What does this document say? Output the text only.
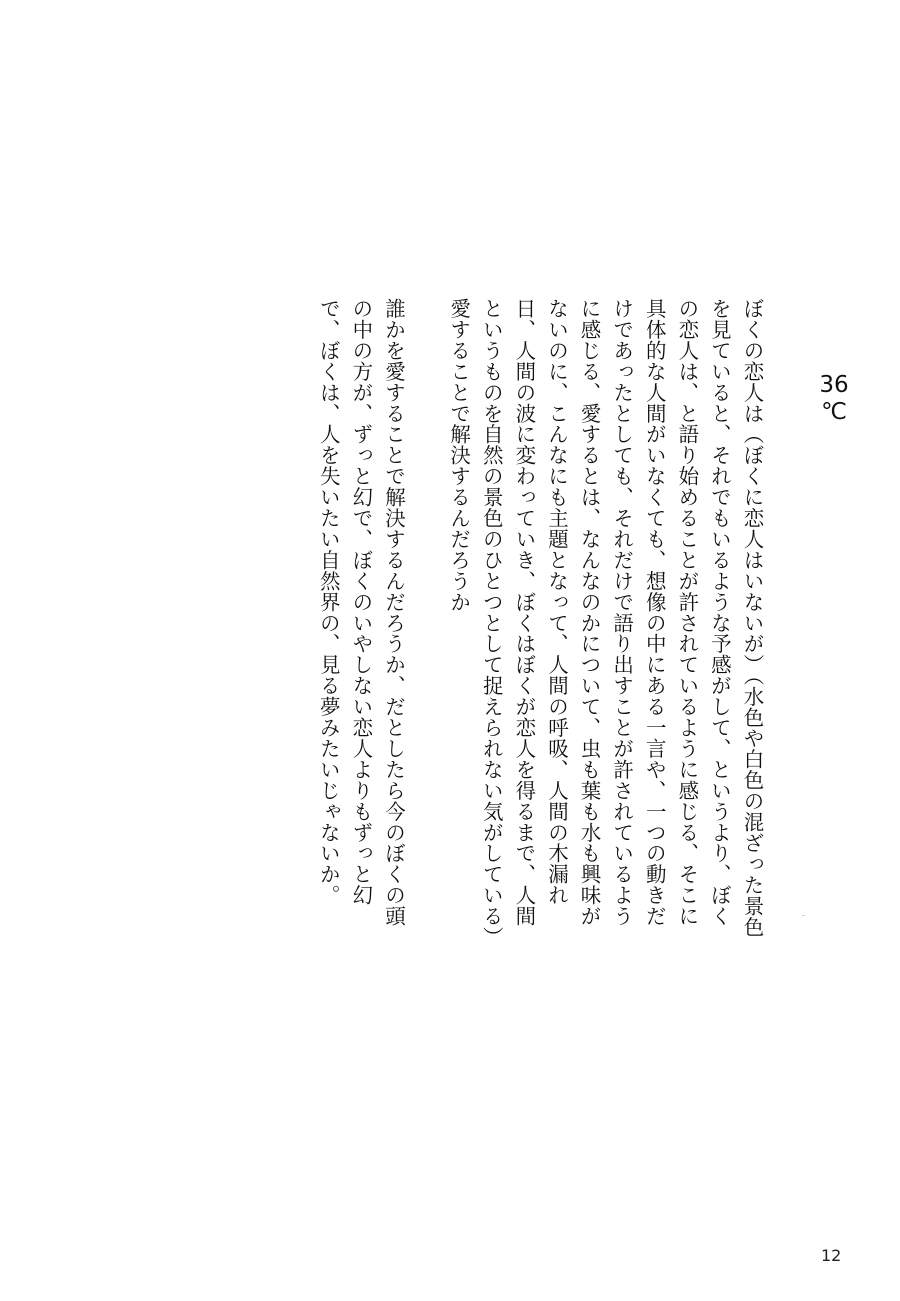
36
℃

ぼくの恋人は（ぼくに恋人はいないが）（水色や白色の混ざった景色を見ていると、それでもいるような予感がして、というより、ぼくの恋人は、と語り始めることが許されているように感じる、そこに具体的な人間がいなくても、想像の中にある一言や、一つの動きだけであったとしても、それだけで語り出すことが許されているように感じる、愛するとは、なんなのかについて、虫も葉も水も興味がないのに、こんなにも主題となって、人間の呼吸、人間の木漏れ日、人間の波に変わっていき、ぼくはぼくが恋人を得るまで、人間というものを自然の景色のひとつとして捉えられない気がしている）

愛することで解決するんだろうか

誰かを愛することで解決するんだろうか、だとしたら今のぼくの頭の中の方が、ずっと幻で、ぼくのいやしない恋人よりもずっと幻で、ぼくは、人を失いたい自然界の、見る夢みたいじゃないか。

12
